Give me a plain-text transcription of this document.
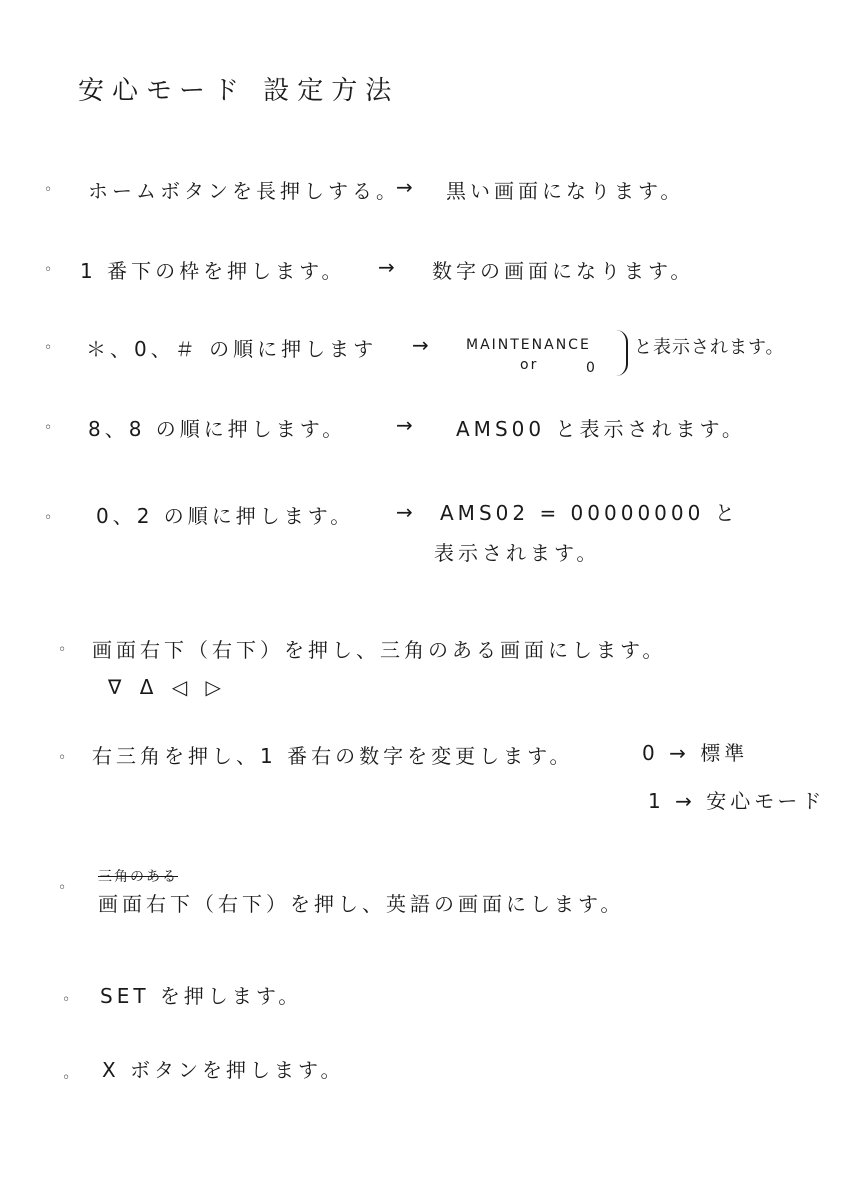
安心モード 設定方法
◦ ホームボタンを長押しする。
→ 黒い画面になります。
◦ 1 番下の枠を押します。 → 数字の画面になります。
◦ ＊、0、＃ の順に押します → MAINTENANCE
or	0
と表示されます。
◦ 8、8 の順に押します。 → AMS00 と表示されます。
◦ 0、2 の順に押します。 → AMS02 = 00000000 と
表示されます。
◦ 画面右下（右下）を押し、三角のある画面にします。
∇ Δ ◁ ▷
◦ 右三角を押し、1 番右の数字を変更します。	0 → 標準
1 → 安心モード
◦
三角のある
画面右下（右下）を押し、英語の画面にします。
◦ SET を押します。
◦ X ボタンを押します。
